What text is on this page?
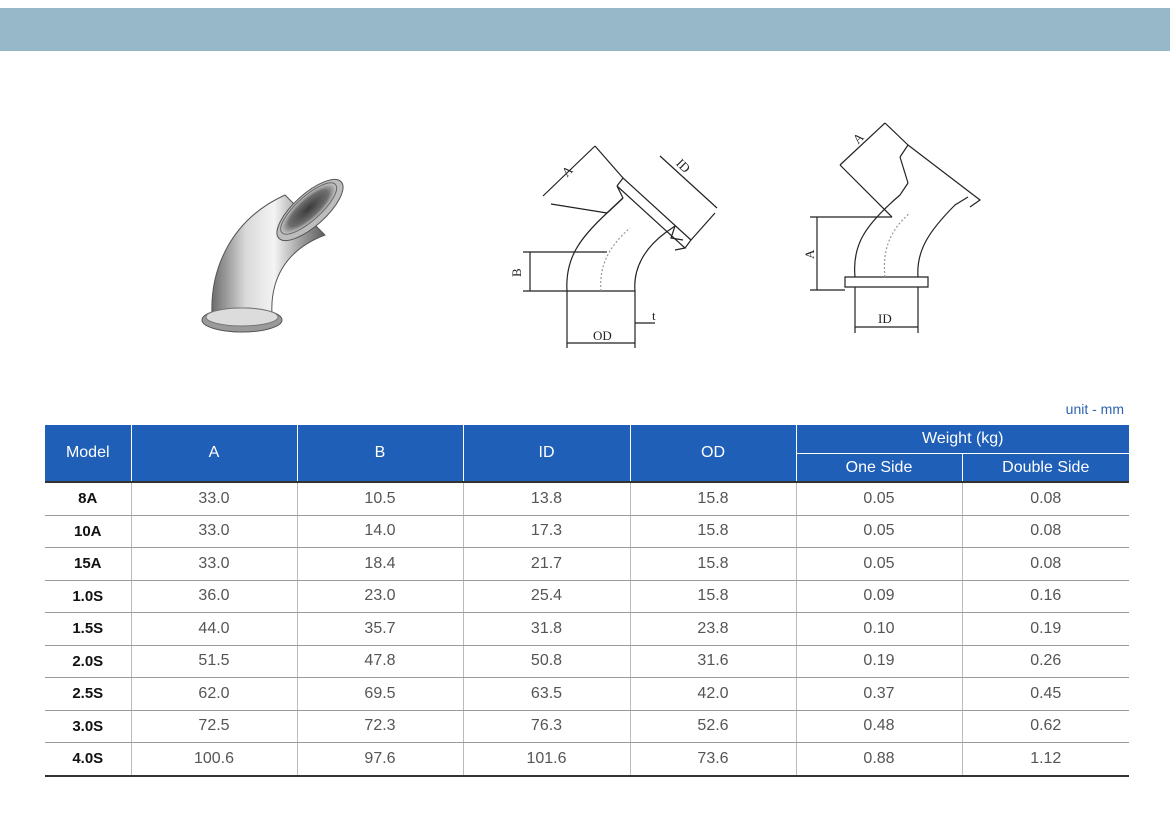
B
OD
t
A	ID
A
ID
A
unit - mm
Model	A	B	ID	OD	Weight (kg)	
					One Side	Double Side
8A	33.0	10.5	13.8	15.8	0.05	0.08
10A	33.0	14.0	17.3	15.8	0.05	0.08
15A	33.0	18.4	21.7	15.8	0.05	0.08
1.0S	36.0	23.0	25.4	15.8	0.09	0.16
1.5S	44.0	35.7	31.8	23.8	0.10	0.19
2.0S	51.5	47.8	50.8	31.6	0.19	0.26
2.5S	62.0	69.5	63.5	42.0	0.37	0.45
3.0S	72.5	72.3	76.3	52.6	0.48	0.62
4.0S	100.6	97.6	101.6	73.6	0.88	1.12
